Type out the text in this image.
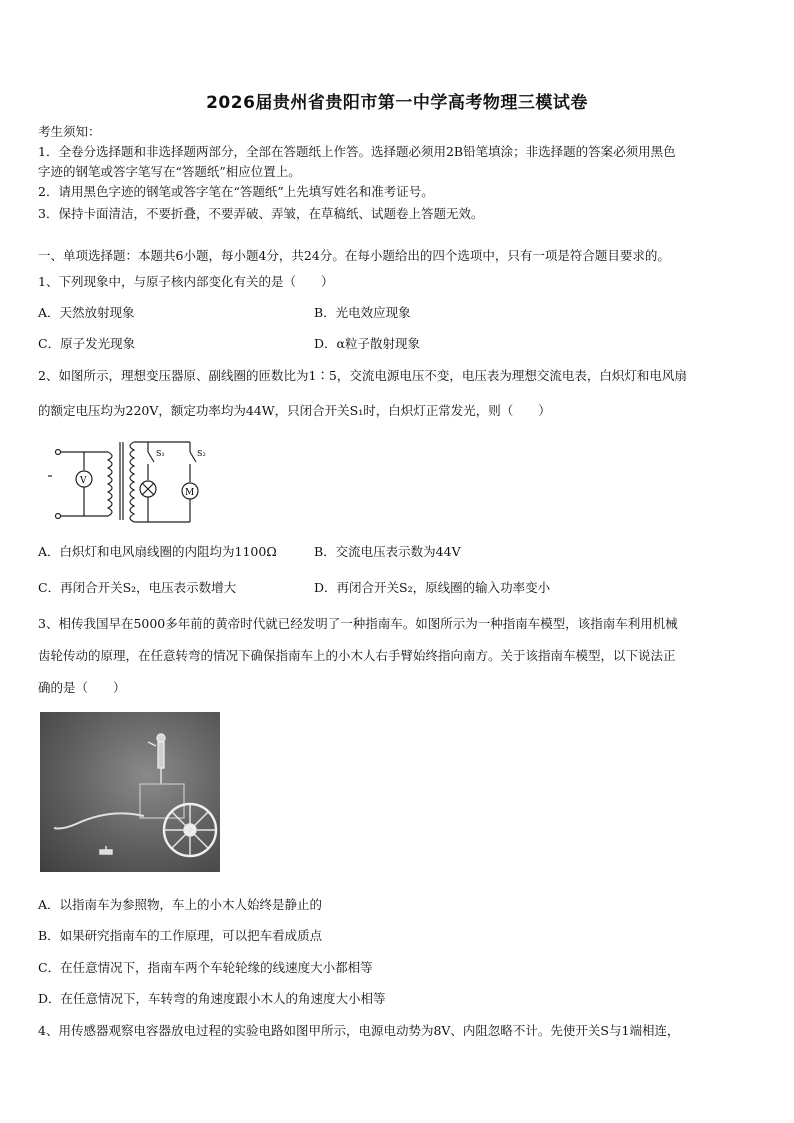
2026届贵州省贵阳市第一中学高考物理三模试卷
考生须知：
1．全卷分选择题和非选择题两部分，全部在答题纸上作答。选择题必须用2B铅笔填涂；非选择题的答案必须用黑色
字迹的钢笔或答字笔写在“答题纸”相应位置上。
2．请用黑色字迹的钢笔或答字笔在“答题纸”上先填写姓名和准考证号。
3．保持卡面清洁，不要折叠，不要弄破、弄皱，在草稿纸、试题卷上答题无效。
一、单项选择题：本题共6小题，每小题4分，共24分。在每小题给出的四个选项中，只有一项是符合题目要求的。
1、下列现象中，与原子核内部变化有关的是（　　）
A．天然放射现象	B．光电效应现象
C．原子发光现象	D．α粒子散射现象
2、如图所示，理想变压器原、副线圈的匝数比为1∶5，交流电源电压不变，电压表为理想交流电表，白炽灯和电风扇
的额定电压均为220V，额定功率均为44W，只闭合开关S₁时，白炽灯正常发光，则（　　）
V
M
S₁	S₂
A．白炽灯和电风扇线圈的内阻均为1100Ω	B．交流电压表示数为44V
C．再闭合开关S₂，电压表示数增大	D．再闭合开关S₂，原线圈的输入功率变小
3、相传我国早在5000多年前的黄帝时代就已经发明了一种指南车。如图所示为一种指南车模型，该指南车利用机械
齿轮传动的原理，在任意转弯的情况下确保指南车上的小木人右手臂始终指向南方。关于该指南车模型，以下说法正
确的是（　　）
A．以指南车为参照物，车上的小木人始终是静止的
B．如果研究指南车的工作原理，可以把车看成质点
C．在任意情况下，指南车两个车轮轮缘的线速度大小都相等
D．在任意情况下，车转弯的角速度跟小木人的角速度大小相等
4、用传感器观察电容器放电过程的实验电路如图甲所示，电源电动势为8V、内阻忽略不计。先使开关S与1端相连，
